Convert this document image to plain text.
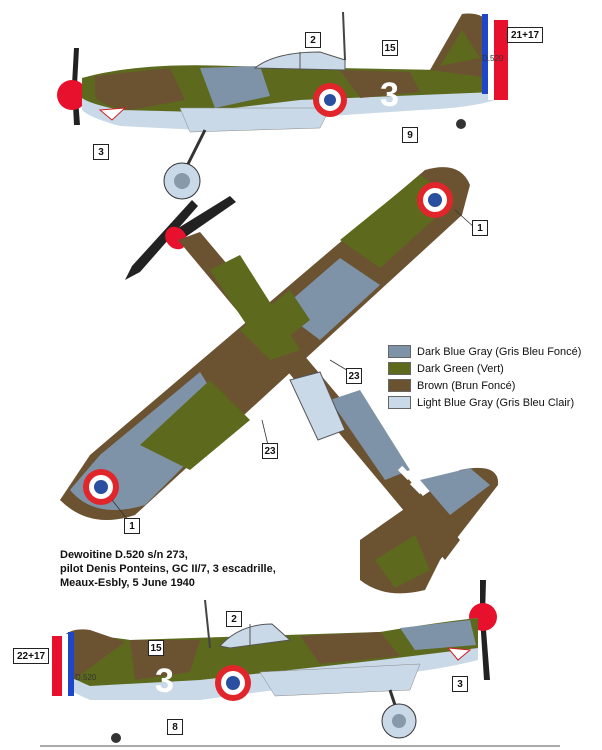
D.520
3
D.520 3
2
15
21+17
3
9
1
23
23
1
2
15
22+17
8
3
Dark Blue Gray (Gris Bleu Foncé)
Dark Green (Vert)
Brown (Brun Foncé)
Light Blue Gray (Gris Bleu Clair)
Dewoitine D.520 s/n 273,
pilot Denis Ponteins, GC II/7, 3 escadrille,
Meaux-Esbly, 5 June 1940
